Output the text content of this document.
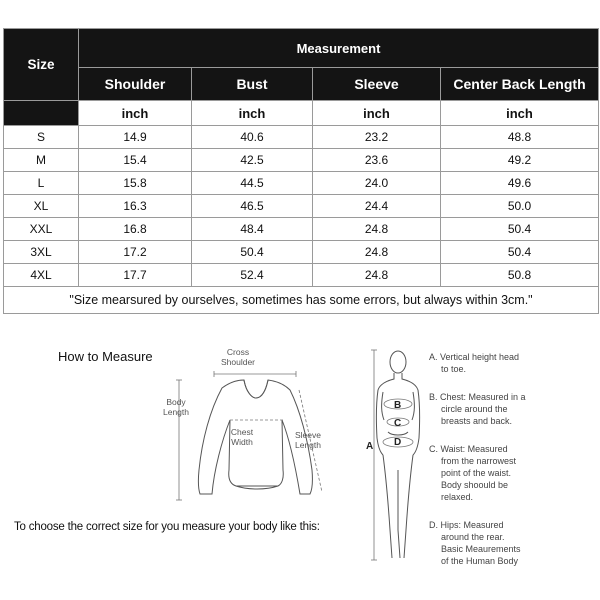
Size	Measurement			
	Shoulder	Bust	Sleeve	Center Back Length
	inch	inch	inch	inch
S	14.9	40.6	23.2	48.8
M	15.4	42.5	23.6	49.2
L	15.8	44.5	24.0	49.6
XL	16.3	46.5	24.4	50.0
XXL	16.8	48.4	24.8	50.4
3XL	17.2	50.4	24.8	50.4
4XL	17.7	52.4	24.8	50.8
"Size mearsured by ourselves, sometimes has some errors, but always within 3cm."				
How to Measure	Cross
Shoulder
Body
Length
Chest
Width
Sleeve
Length	A
B
C
D
To choose the correct size for you measure your body like this:
A. Vertical height head
to toe.
B. Chest: Measured in a
circle around the
breasts and back.
C. Waist: Measured
from the narrowest
point of the waist.
Body shoould be
relaxed.
D. Hips: Measured
around the rear.
Basic Meaurements
of the Human Body
